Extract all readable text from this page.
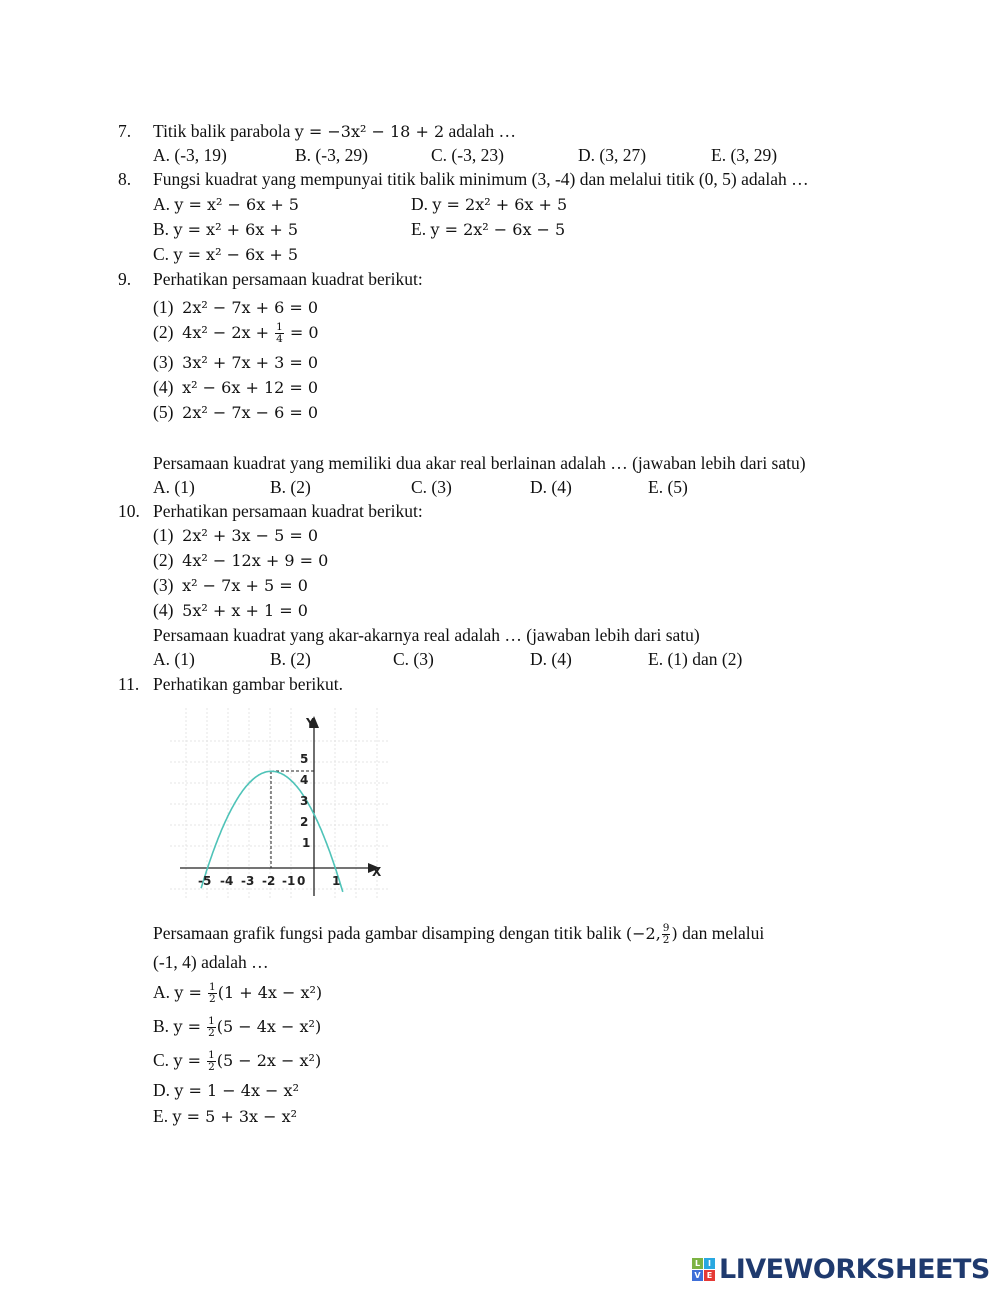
7. Titik balik parabola y = −3x² − 18 + 2 adalah …
A. (-3, 19)	B. (-3, 29)	C. (-3, 23)	D. (3, 27)	E. (3, 29)
8. Fungsi kuadrat yang mempunyai titik balik minimum (3, -4) dan melalui titik (0, 5) adalah …
A. y = x² − 6x + 5
B. y = x² + 6x + 5
C. y = x² − 6x + 5
D. y = 2x² + 6x + 5
E. y = 2x² − 6x − 5
9. Perhatikan persamaan kuadrat berikut:
(1) 2x² − 7x + 6 = 0
(2) $4x^2 - 2x + \frac{1}{4} = 0$
(3) 3x² + 7x + 3 = 0
(4) x² − 6x + 12 = 0
(5) 2x² − 7x − 6 = 0
Persamaan kuadrat yang memiliki dua akar real berlainan adalah … (jawaban lebih dari satu)
A. (1)	B. (2)	C. (3)	D. (4)	E. (5)
10. Perhatikan persamaan kuadrat berikut:
(1) 2x² + 3x − 5 = 0
(2) 4x² − 12x + 9 = 0
(3) x² − 7x + 5 = 0
(4) 5x² + x + 1 = 0
Persamaan kuadrat yang akar-akarnya real adalah … (jawaban lebih dari satu)
A. (1)	B. (2)	C. (3)	D. (4)	E. (1) dan (2)
11. Perhatikan gambar berikut.
Y
X
5
4
3
2
1
-5 -4 -3 -2 -1 0 1
Persamaan grafik fungsi pada gambar disamping dengan titik balik (−2, $\frac{9}{2}$ ) dan melalui
(-1, 4) adalah …
A. $y = \frac{1}{2} (1 + 4x - x^2)$
B. $y = \frac{1}{2} (5 - 4x - x^2)$
C. $y = \frac{1}{2} (5 - 2x - x^2)$
D. y = 1 − 4x − x²
E. y = 5 + 3x − x²
L I
V E LIVEWORKSHEETS
